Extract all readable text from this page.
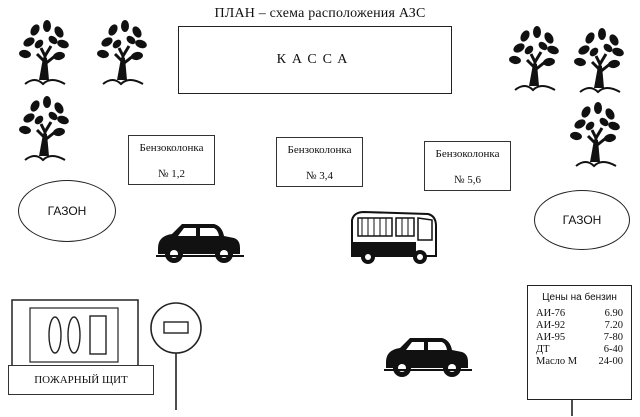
ПЛАН – схема расположения АЗС
КАССА
Бензоколонка
№ 1,2
Бензоколонка
№ 3,4
Бензоколонка
№ 5,6
ГАЗОН
ГАЗОН
ПОЖАРНЫЙ ЩИТ
Цены на бензин
АИ-76	6.90
АИ-92	7.20
АИ-95	7-80
ДТ	6-40
Масло М 24-00
